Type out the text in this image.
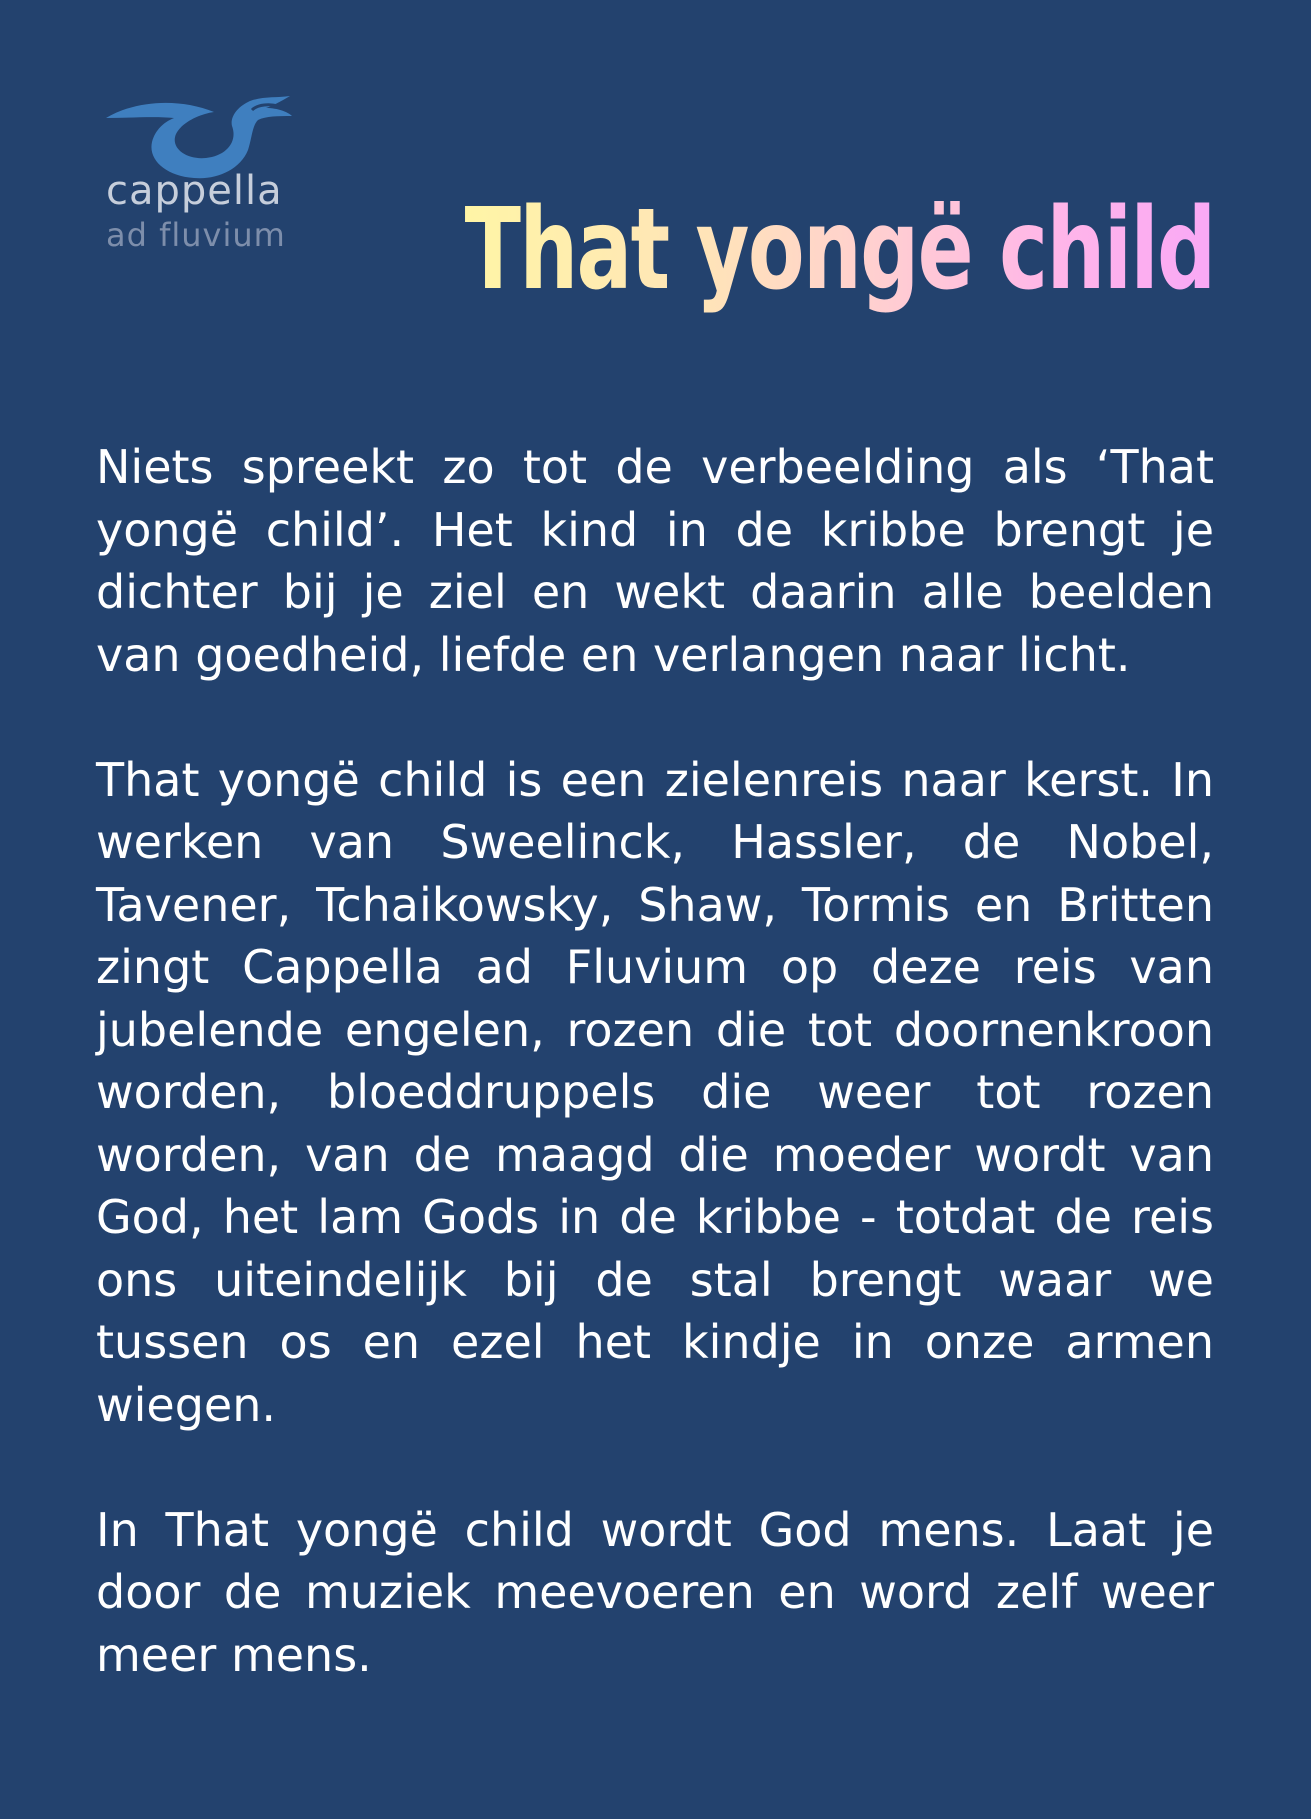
cappella
ad fluvium That yongë child

Niets spreekt zo tot de verbeelding als ‘That yongë child’. Het kind in de kribbe brengt je dichter bij je ziel en wekt daarin alle beelden van goedheid, liefde en verlangen naar licht.

That yongë child is een zielenreis naar kerst. In werken van Sweelinck, Hassler, de Nobel, Tavener, Tchaikowsky, Shaw, Tormis en Britten zingt Cappella ad Fluvium op deze reis van jubelende engelen, rozen die tot doornenkroon worden, bloeddruppels die weer tot rozen worden, van de maagd die moeder wordt van God, het lam Gods in de kribbe - totdat de reis ons uiteindelijk bij de stal brengt waar we tussen os en ezel het kindje in onze armen wiegen.

In That yongë child wordt God mens. Laat je door de muziek meevoeren en word zelf weer meer mens.
